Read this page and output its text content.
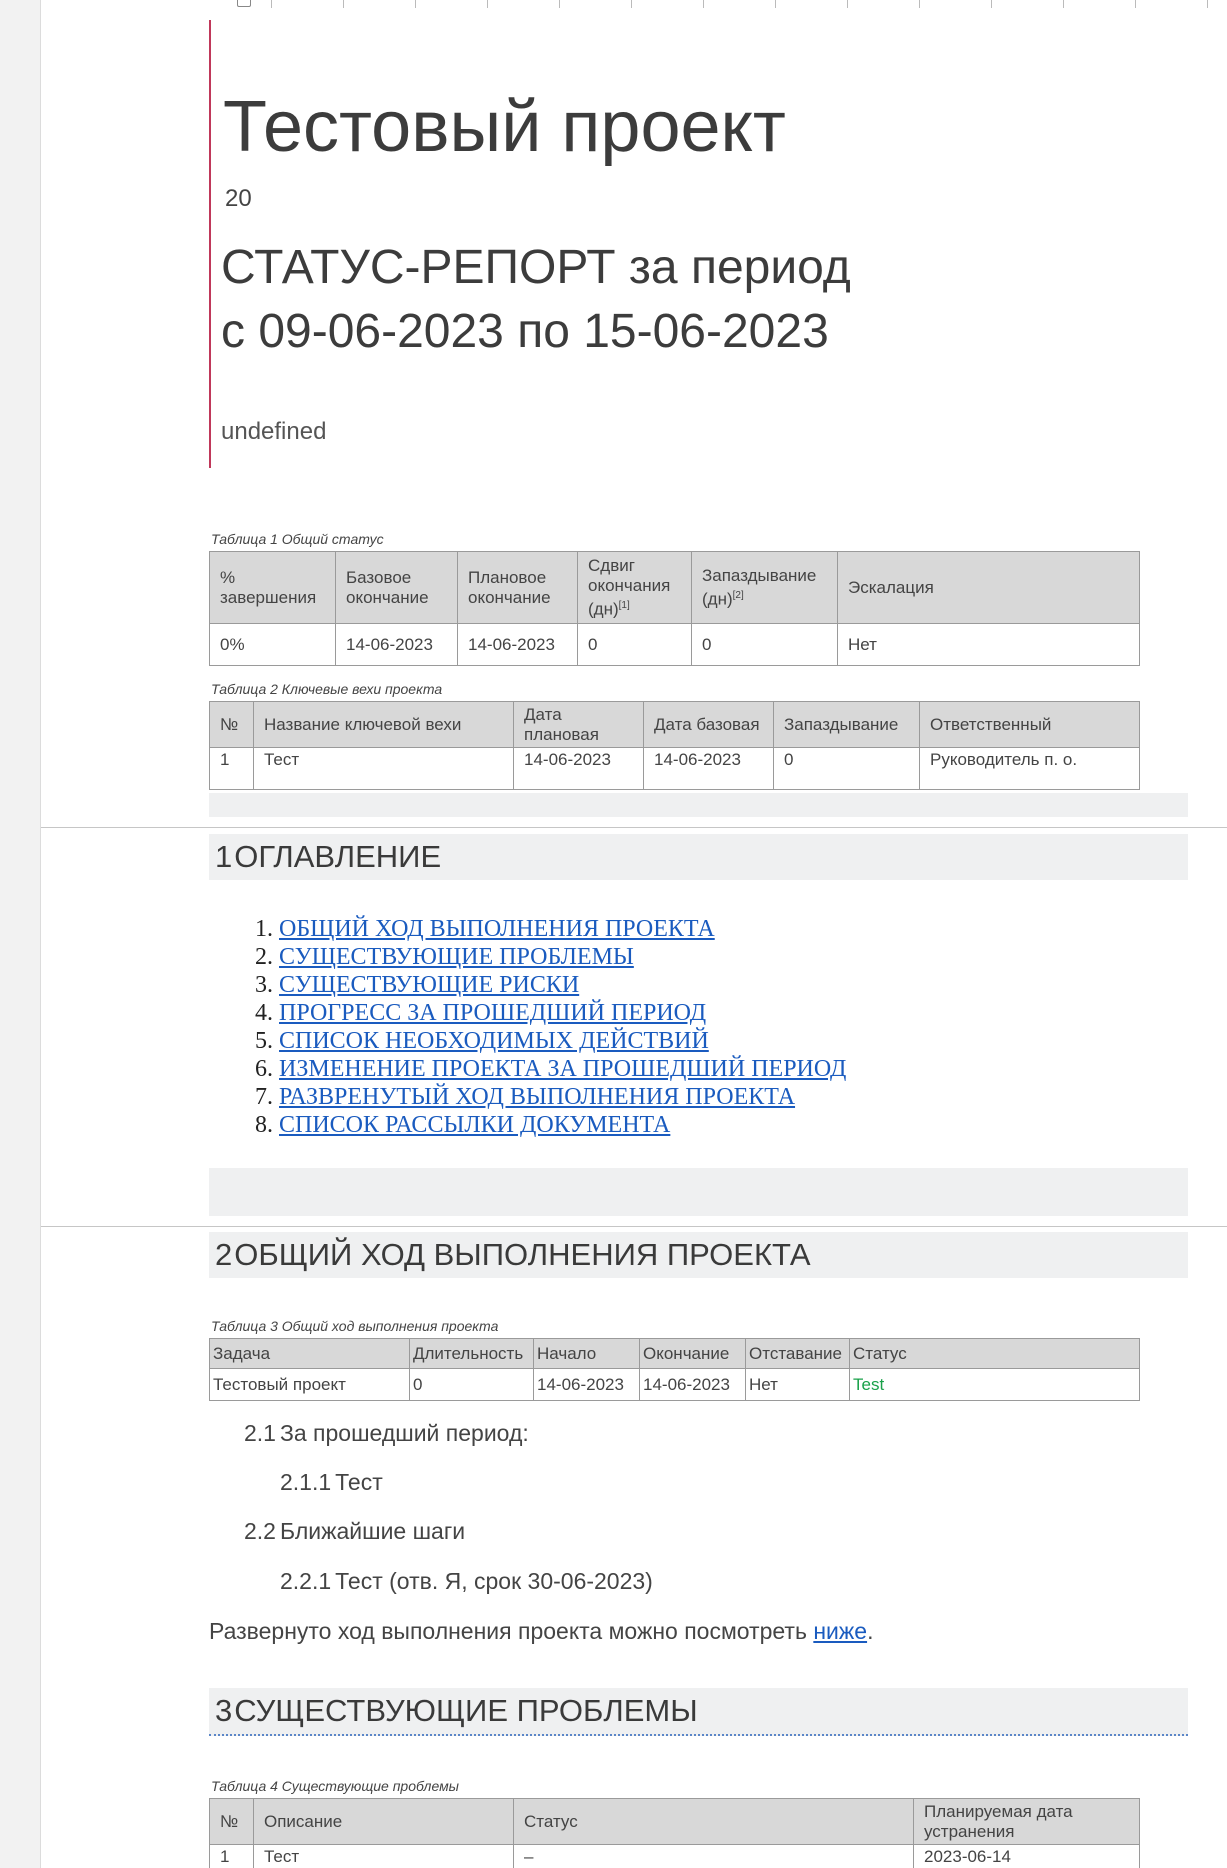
Тестовый проект
20
СТАТУС-РЕПОРТ за период
с 09-06-2023 по 15-06-2023
undefined
Таблица 1 Общий статус
% завершения	Базовое окончание	Плановое окончание	Сдвиг окончания (дн)[1]	Запаздывание (дн)[2]	Эскалация
0%	14-06-2023	14-06-2023	0	0	Нет
Таблица 2 Ключевые вехи проекта
№	Название ключевой вехи	Дата плановая	Дата базовая	Запаздывание	Ответственный
1	Тест	14-06-2023	14-06-2023	0	Руководитель п. о.
1ОГЛАВЛЕНИЕ
1. ОБЩИЙ ХОД ВЫПОЛНЕНИЯ ПРОЕКТА
2. СУЩЕСТВУЮЩИЕ ПРОБЛЕМЫ
3. СУЩЕСТВУЮЩИЕ РИСКИ
4. ПРОГРЕСС ЗА ПРОШЕДШИЙ ПЕРИОД
5. СПИСОК НЕОБХОДИМЫХ ДЕЙСТВИЙ
6. ИЗМЕНЕНИЕ ПРОЕКТА ЗА ПРОШЕДШИЙ ПЕРИОД
7. РАЗВРЕНУТЫЙ ХОД ВЫПОЛНЕНИЯ ПРОЕКТА
8. СПИСОК РАССЫЛКИ ДОКУМЕНТА
2ОБЩИЙ ХОД ВЫПОЛНЕНИЯ ПРОЕКТА
Таблица 3 Общий ход выполнения проекта
Задача	Длительность	Начало	Окончание	Отставание	Статус
Тестовый проект	0	14-06-2023	14-06-2023	Нет	Test
2.1 За прошедший период:
2.1.1 Тест
2.2 Ближайшие шаги
2.2.1 Тест (отв. Я, срок 30-06-2023)
Развернуто ход выполнения проекта можно посмотреть ниже.
3СУЩЕСТВУЮЩИЕ ПРОБЛЕМЫ
Таблица 4 Существующие проблемы
№	Описание	Статус	Планируемая дата устранения
1	Тест	–	2023-06-14
